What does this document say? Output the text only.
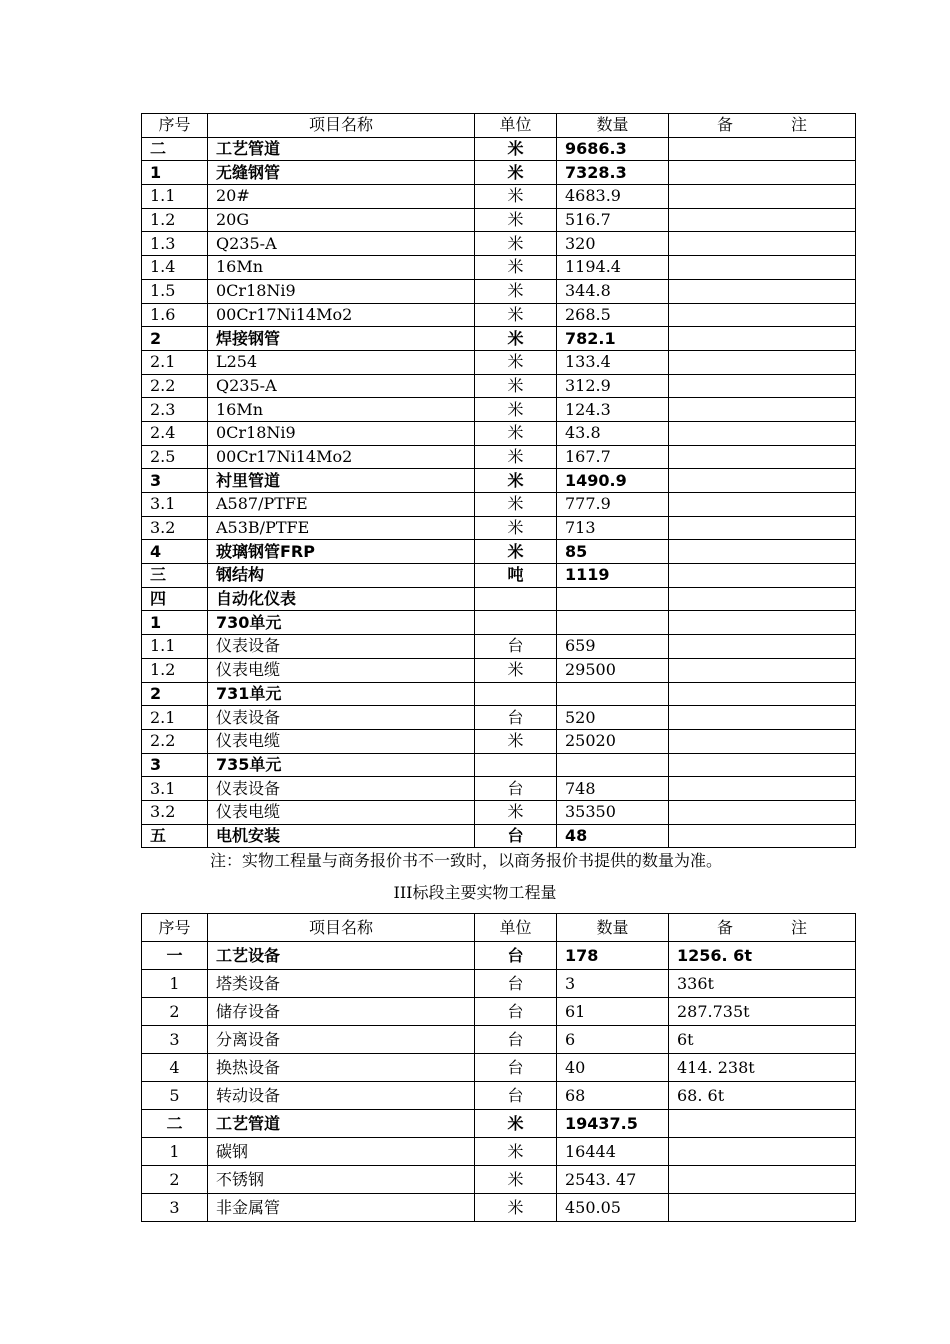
序号	项目名称	单位	数量	备 注

二	工艺管道	米	9686.3	
1	无缝钢管	米	7328.3	
1.1	20#	米	4683.9	
1.2	20G	米	516.7	
1.3	Q235-A	米	320	
1.4	16Mn	米	1194.4	
1.5	0Cr18Ni9	米	344.8	
1.6	00Cr17Ni14Mo2	米	268.5	
2	焊接钢管	米	782.1	
2.1	L254	米	133.4	
2.2	Q235-A	米	312.9	
2.3	16Mn	米	124.3	
2.4	0Cr18Ni9	米	43.8	
2.5	00Cr17Ni14Mo2	米	167.7	
3	衬里管道	米	1490.9	
3.1	A587/PTFE	米	777.9	
3.2	A53B/PTFE	米	713	
4	玻璃钢管FRP	米	85	
三	钢结构	吨	1119	
四	自动化仪表			
1	730单元			
1.1	仪表设备	台	659	
1.2	仪表电缆	米	29500	
2	731单元			
2.1	仪表设备	台	520	
2.2	仪表电缆	米	25020	
3	735单元			
3.1	仪表设备	台	748	
3.2	仪表电缆	米	35350	
五	电机安装	台	48	
注：实物工程量与商务报价书不一致时，以商务报价书提供的数量为准。
III标段主要实物工程量
序号	项目名称	单位	数量	备 注

一	工艺设备	台	178	1256. 6t
1	塔类设备	台	3	336t
2	储存设备	台	61	287.735t
3	分离设备	台	6	6t
4	换热设备	台	40	414. 238t
5	转动设备	台	68	68. 6t
二	工艺管道	米	19437.5	
1	碳钢	米	16444	
2	不锈钢	米	2543. 47	
3	非金属管	米	450.05	
